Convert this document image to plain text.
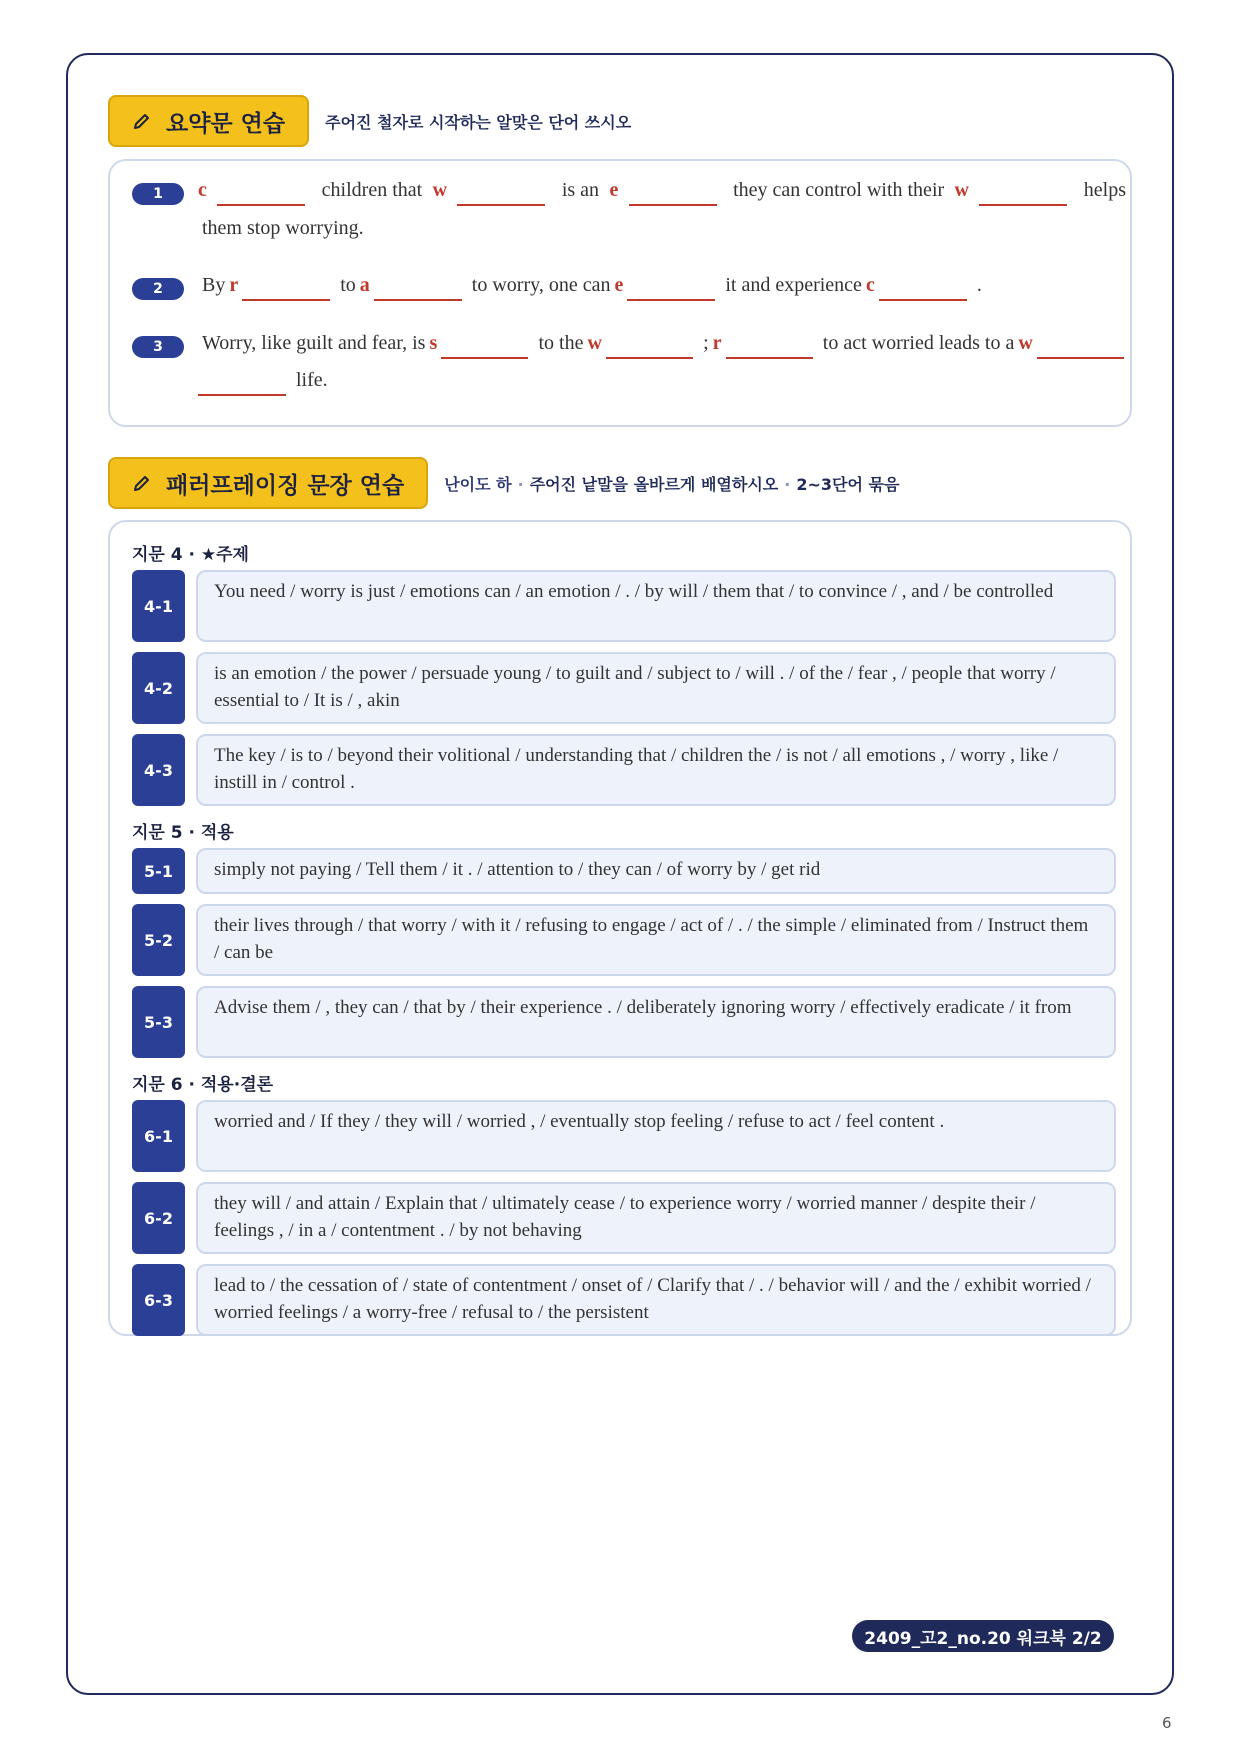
요약문 연습	주어진 철자로 시작하는 알맞은 단어 쓰시오
1	c	children that w	is an e	they can control with their w	helps
them stop worrying.
2	By r	to a	to worry, one can e	it and experience c	.
3	Worry, like guilt and fear, is s	to the w	; r	to act worried leads to a w
life.
패러프레이징 문장 연습	난이도 하 · 주어진 낱말을 올바르게 배열하시오 · 2~3단어 묶음
지문 4 · ★주제
4-1
You need / worry is just / emotions can / an emotion / . / by will / them that / to convince / , and / be controlled
4-2
is an emotion / the power / persuade young / to guilt and / subject to / will . / of the / fear , / people that worry / essential to / It is / , akin
4-3
The key / is to / beyond their volitional / understanding that / children the / is not / all emotions , / worry , like / instill in / control .
지문 5 · 적용
5-1	simply not paying / Tell them / it . / attention to / they can / of worry by / get rid
5-2
their lives through / that worry / with it / refusing to engage / act of / . / the simple / eliminated from / Instruct them / can be
5-3
Advise them / , they can / that by / their experience . / deliberately ignoring worry / effectively eradicate / it from
지문 6 · 적용·결론
6-1
worried and / If they / they will / worried , / eventually stop feeling / refuse to act / feel content .
6-2
they will / and attain / Explain that / ultimately cease / to experience worry / worried manner / despite their / feelings , / in a / contentment . / by not behaving
6-3
lead to / the cessation of / state of contentment / onset of / Clarify that / . / behavior will / and the / exhibit worried / worried feelings / a worry-free / refusal to / the persistent
2409_고2_no.20 워크북 2/2
6
